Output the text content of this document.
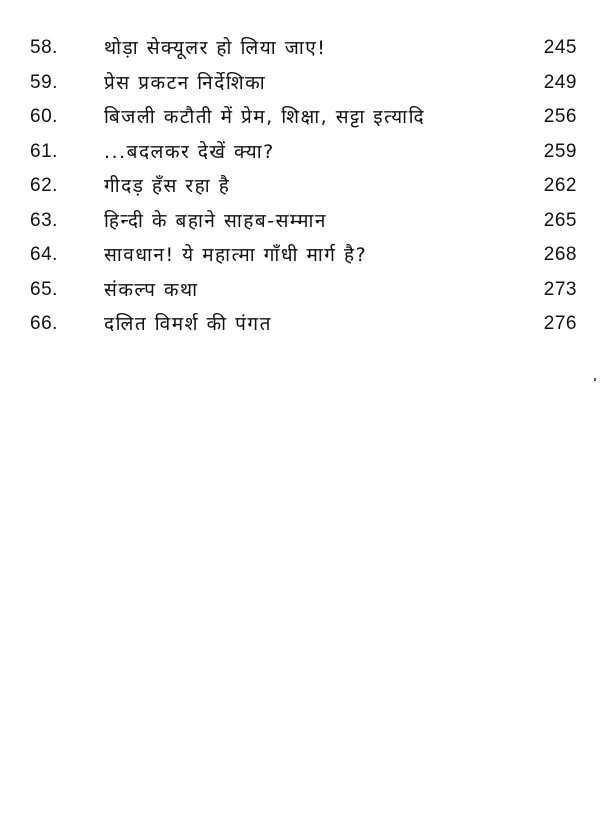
58. थोड़ा सेक्यूलर हो लिया जाए!	245
59. प्रेस प्रकटन निर्देशिका	249
60. बिजली कटौती में प्रेम, शिक्षा, सट्टा इत्यादि	256
61. ...बदलकर देखें क्या?	259
62. गीदड़ हँस रहा है	262
63. हिन्दी के बहाने साहब-सम्मान	265
64. सावधान! ये महात्मा गाँधी मार्ग है?	268
65. संकल्प कथा	273
66. दलित विमर्श की पंगत	276
